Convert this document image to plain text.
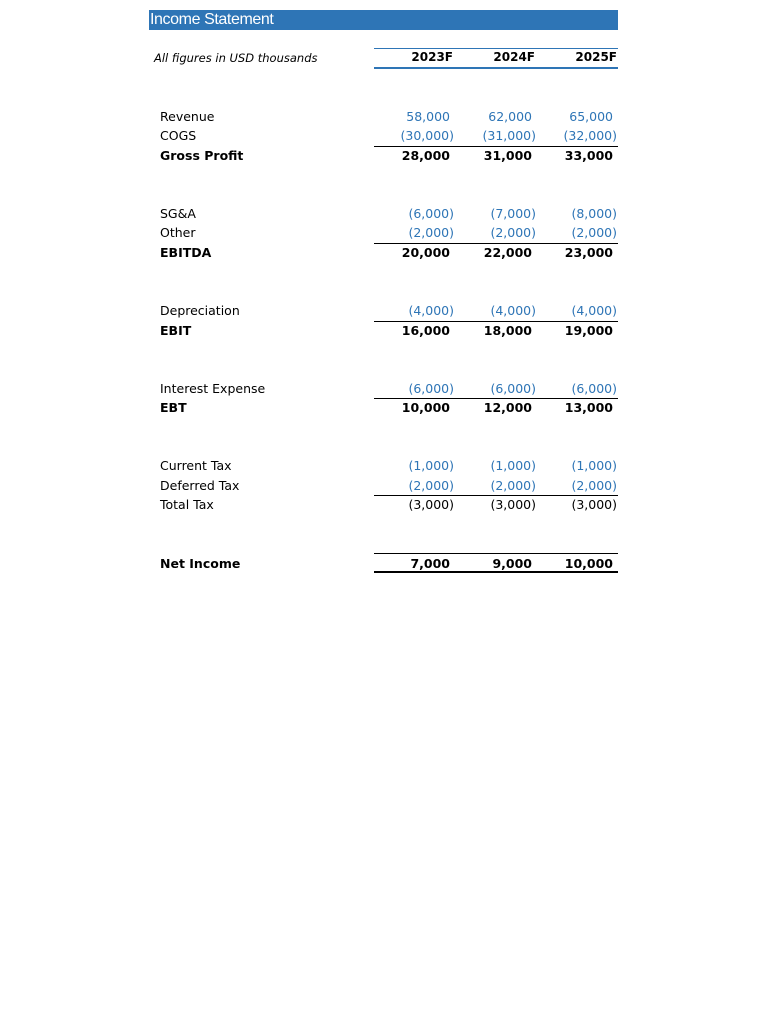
Income Statement
All figures in USD thousands	2023F	2024F	2025F
Revenue	58,000	62,000	65,000
COGS	(30,000)	(31,000)	(32,000)
Gross Profit	28,000	31,000	33,000
SG&A	(6,000)	(7,000)	(8,000)
Other	(2,000)	(2,000)	(2,000)
EBITDA	20,000	22,000	23,000
Depreciation	(4,000)	(4,000)	(4,000)
EBIT	16,000	18,000	19,000
Interest Expense	(6,000)	(6,000)	(6,000)
EBT	10,000	12,000	13,000
Current Tax	(1,000)	(1,000)	(1,000)
Deferred Tax	(2,000)	(2,000)	(2,000)
Total Tax	(3,000)	(3,000)	(3,000)
Net Income	7,000	9,000	10,000
